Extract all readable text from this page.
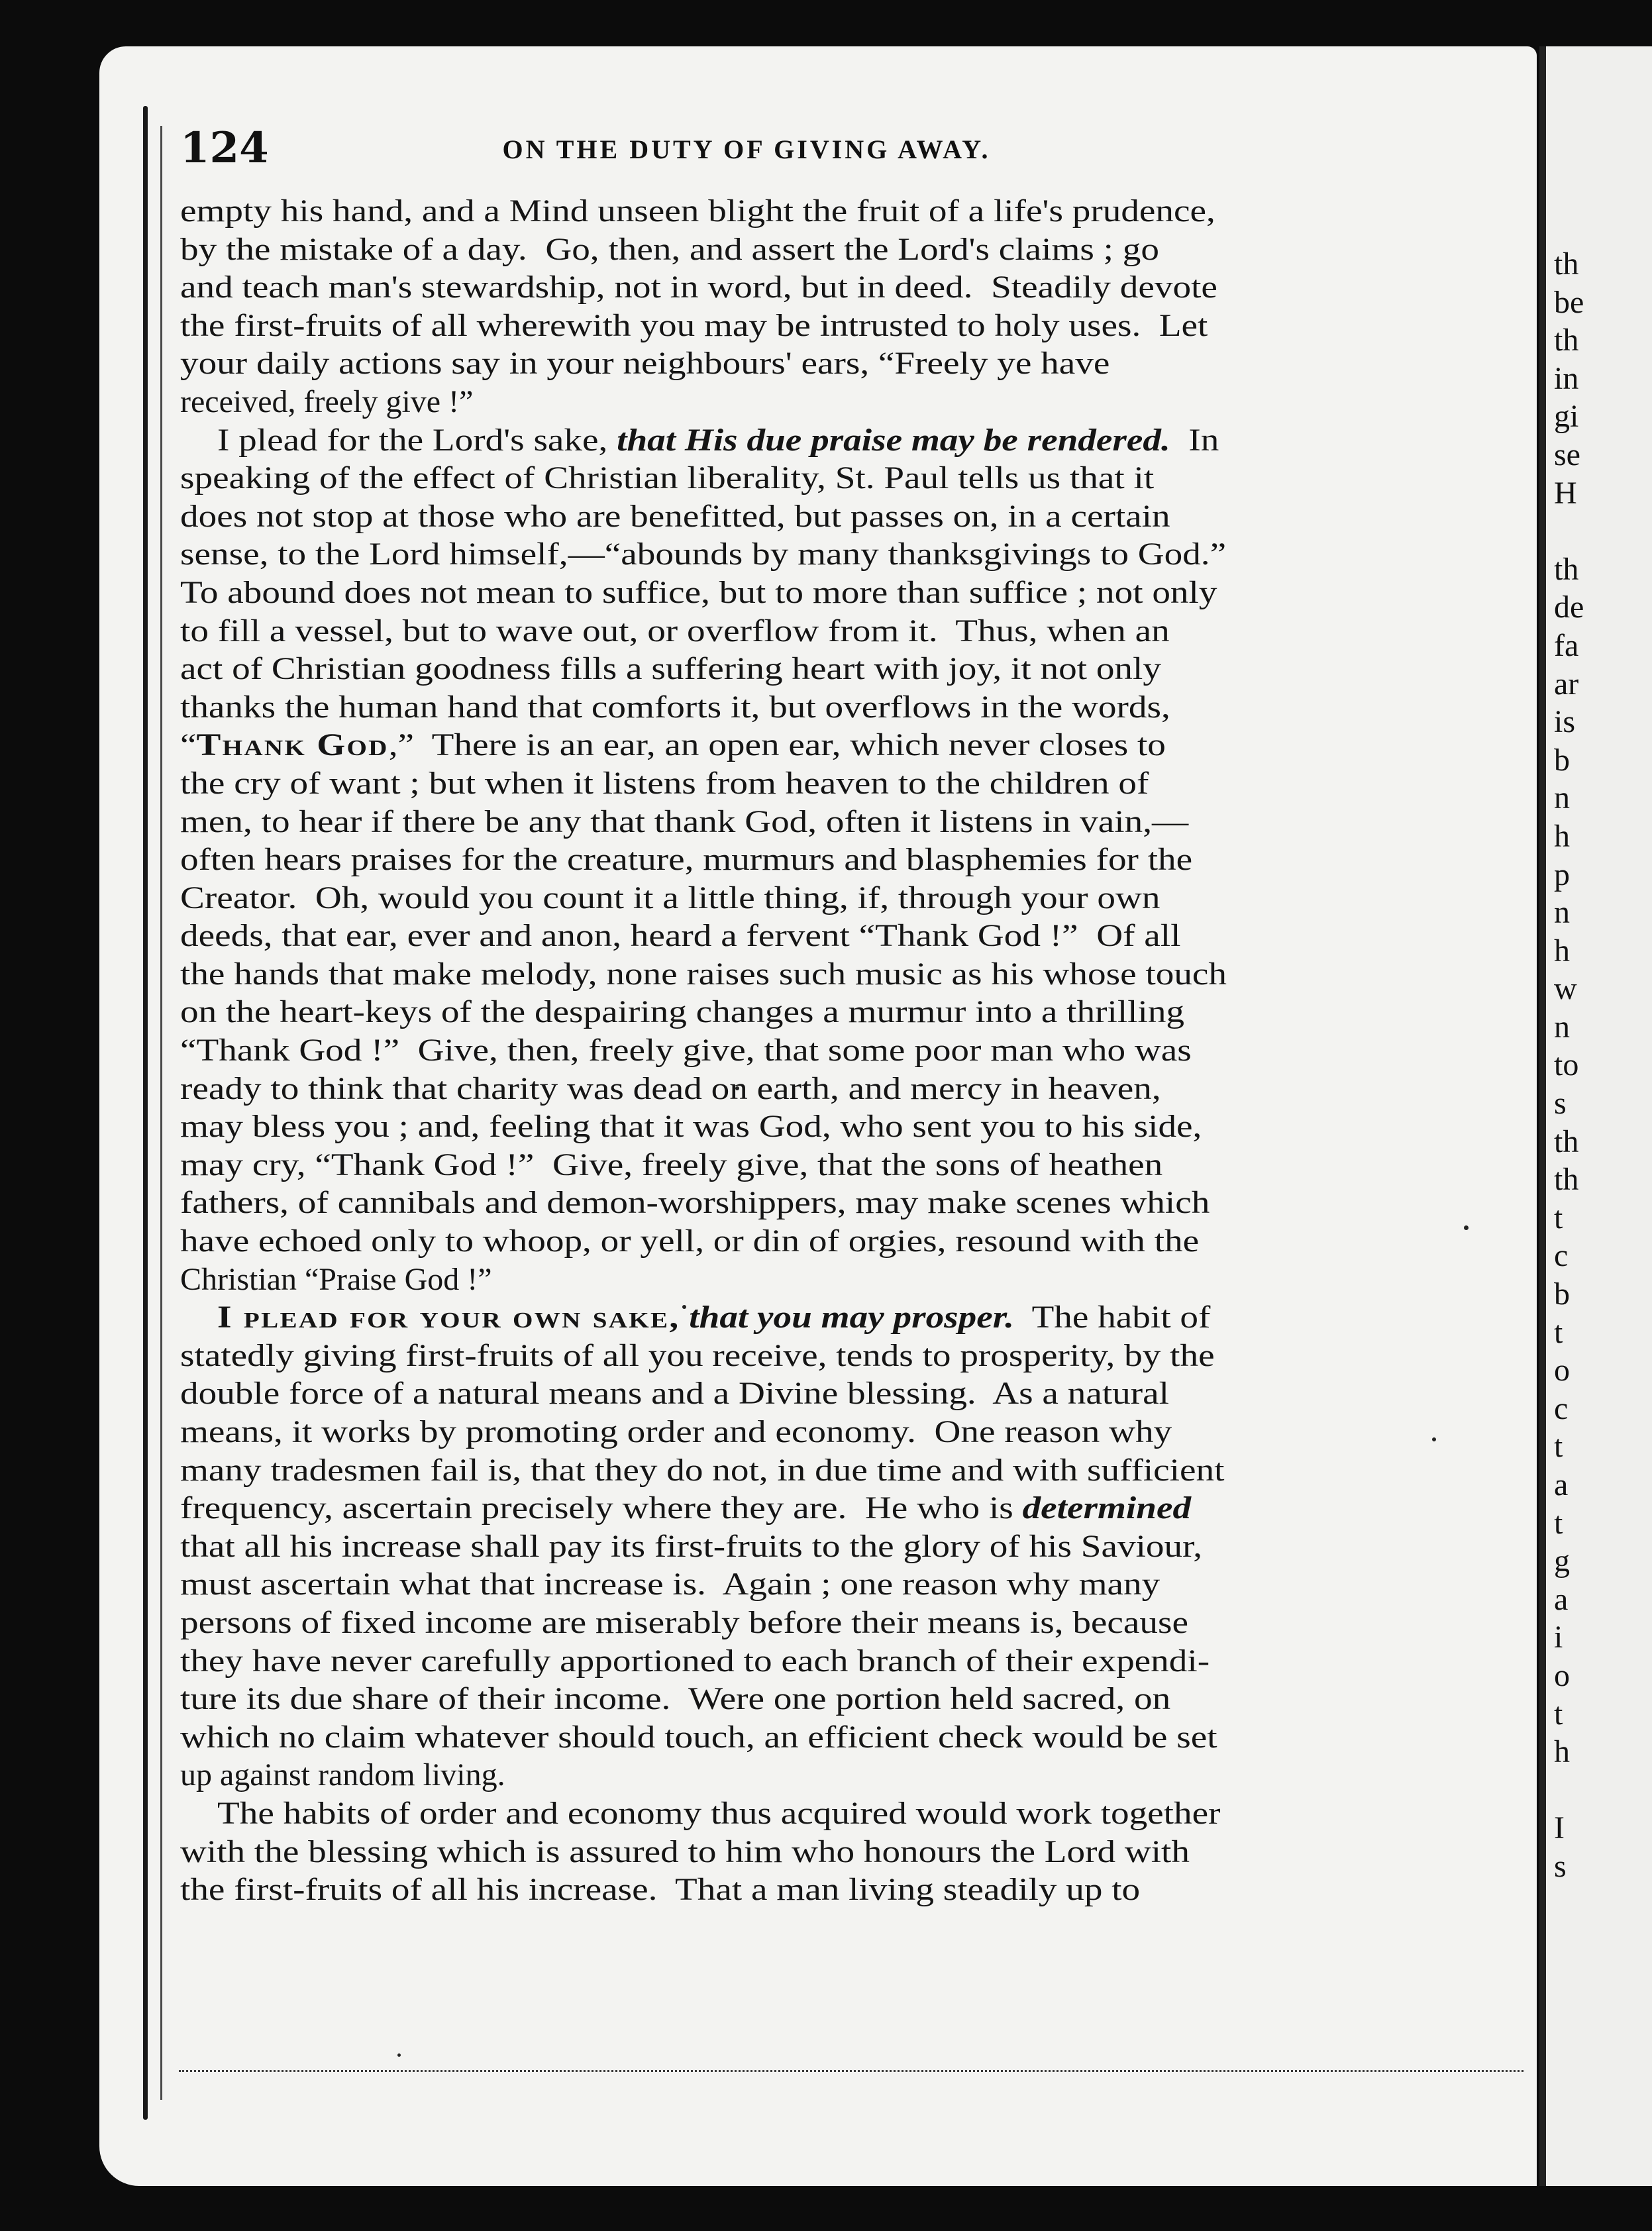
124	ON THE DUTY OF GIVING AWAY.
empty his hand, and a Mind unseen blight the fruit of a life's prudence,
by the mistake of a day.  Go, then, and assert the Lord's claims ; go
and teach man's stewardship, not in word, but in deed.  Steadily devote
the first-fruits of all wherewith you may be intrusted to holy uses.  Let
your daily actions say in your neighbours' ears, “Freely ye have
received, freely give !”
I plead for the Lord's sake, that His due praise may be rendered.  In
speaking of the effect of Christian liberality, St. Paul tells us that it
does not stop at those who are benefitted, but passes on, in a certain
sense, to the Lord himself,—“abounds by many thanksgivings to God.”
To abound does not mean to suffice, but to more than suffice ; not only
to fill a vessel, but to wave out, or overflow from it.  Thus, when an
act of Christian goodness fills a suffering heart with joy, it not only
thanks the human hand that comforts it, but overflows in the words,
“Thank God,”  There is an ear, an open ear, which never closes to
the cry of want ; but when it listens from heaven to the children of
men, to hear if there be any that thank God, often it listens in vain,—
often hears praises for the creature, murmurs and blasphemies for the
Creator.  Oh, would you count it a little thing, if, through your own
deeds, that ear, ever and anon, heard a fervent “Thank God !”  Of all
the hands that make melody, none raises such music as his whose touch
on the heart-keys of the despairing changes a murmur into a thrilling
“Thank God !”  Give, then, freely give, that some poor man who was
ready to think that charity was dead on earth, and mercy in heaven,
may bless you ; and, feeling that it was God, who sent you to his side,
may cry, “Thank God !”  Give, freely give, that the sons of heathen
fathers, of cannibals and demon-worshippers, may make scenes which
have echoed only to whoop, or yell, or din of orgies, resound with the
Christian “Praise God !”
I plead for your own sake, that you may prosper.  The habit of
statedly giving first-fruits of all you receive, tends to prosperity, by the
double force of a natural means and a Divine blessing.  As a natural
means, it works by promoting order and economy.  One reason why
many tradesmen fail is, that they do not, in due time and with sufficient
frequency, ascertain precisely where they are.  He who is determined
that all his increase shall pay its first-fruits to the glory of his Saviour,
must ascertain what that increase is.  Again ; one reason why many
persons of fixed income are miserably before their means is, because
they have never carefully apportioned to each branch of their expendi-
ture its due share of their income.  Were one portion held sacred, on
which no claim whatever should touch, an efficient check would be set
up against random living.
The habits of order and economy thus acquired would work together
with the blessing which is assured to him who honours the Lord with
the first-fruits of all his increase.  That a man living steadily up to
th
be
th
in
gi
se
H
th
de
fa
ar
is
b
n
h
p
n
h
w
n
to
s
th
th
t
c
b
t
o
c
t
a
t
g
a
i
o
t
h
I
s
